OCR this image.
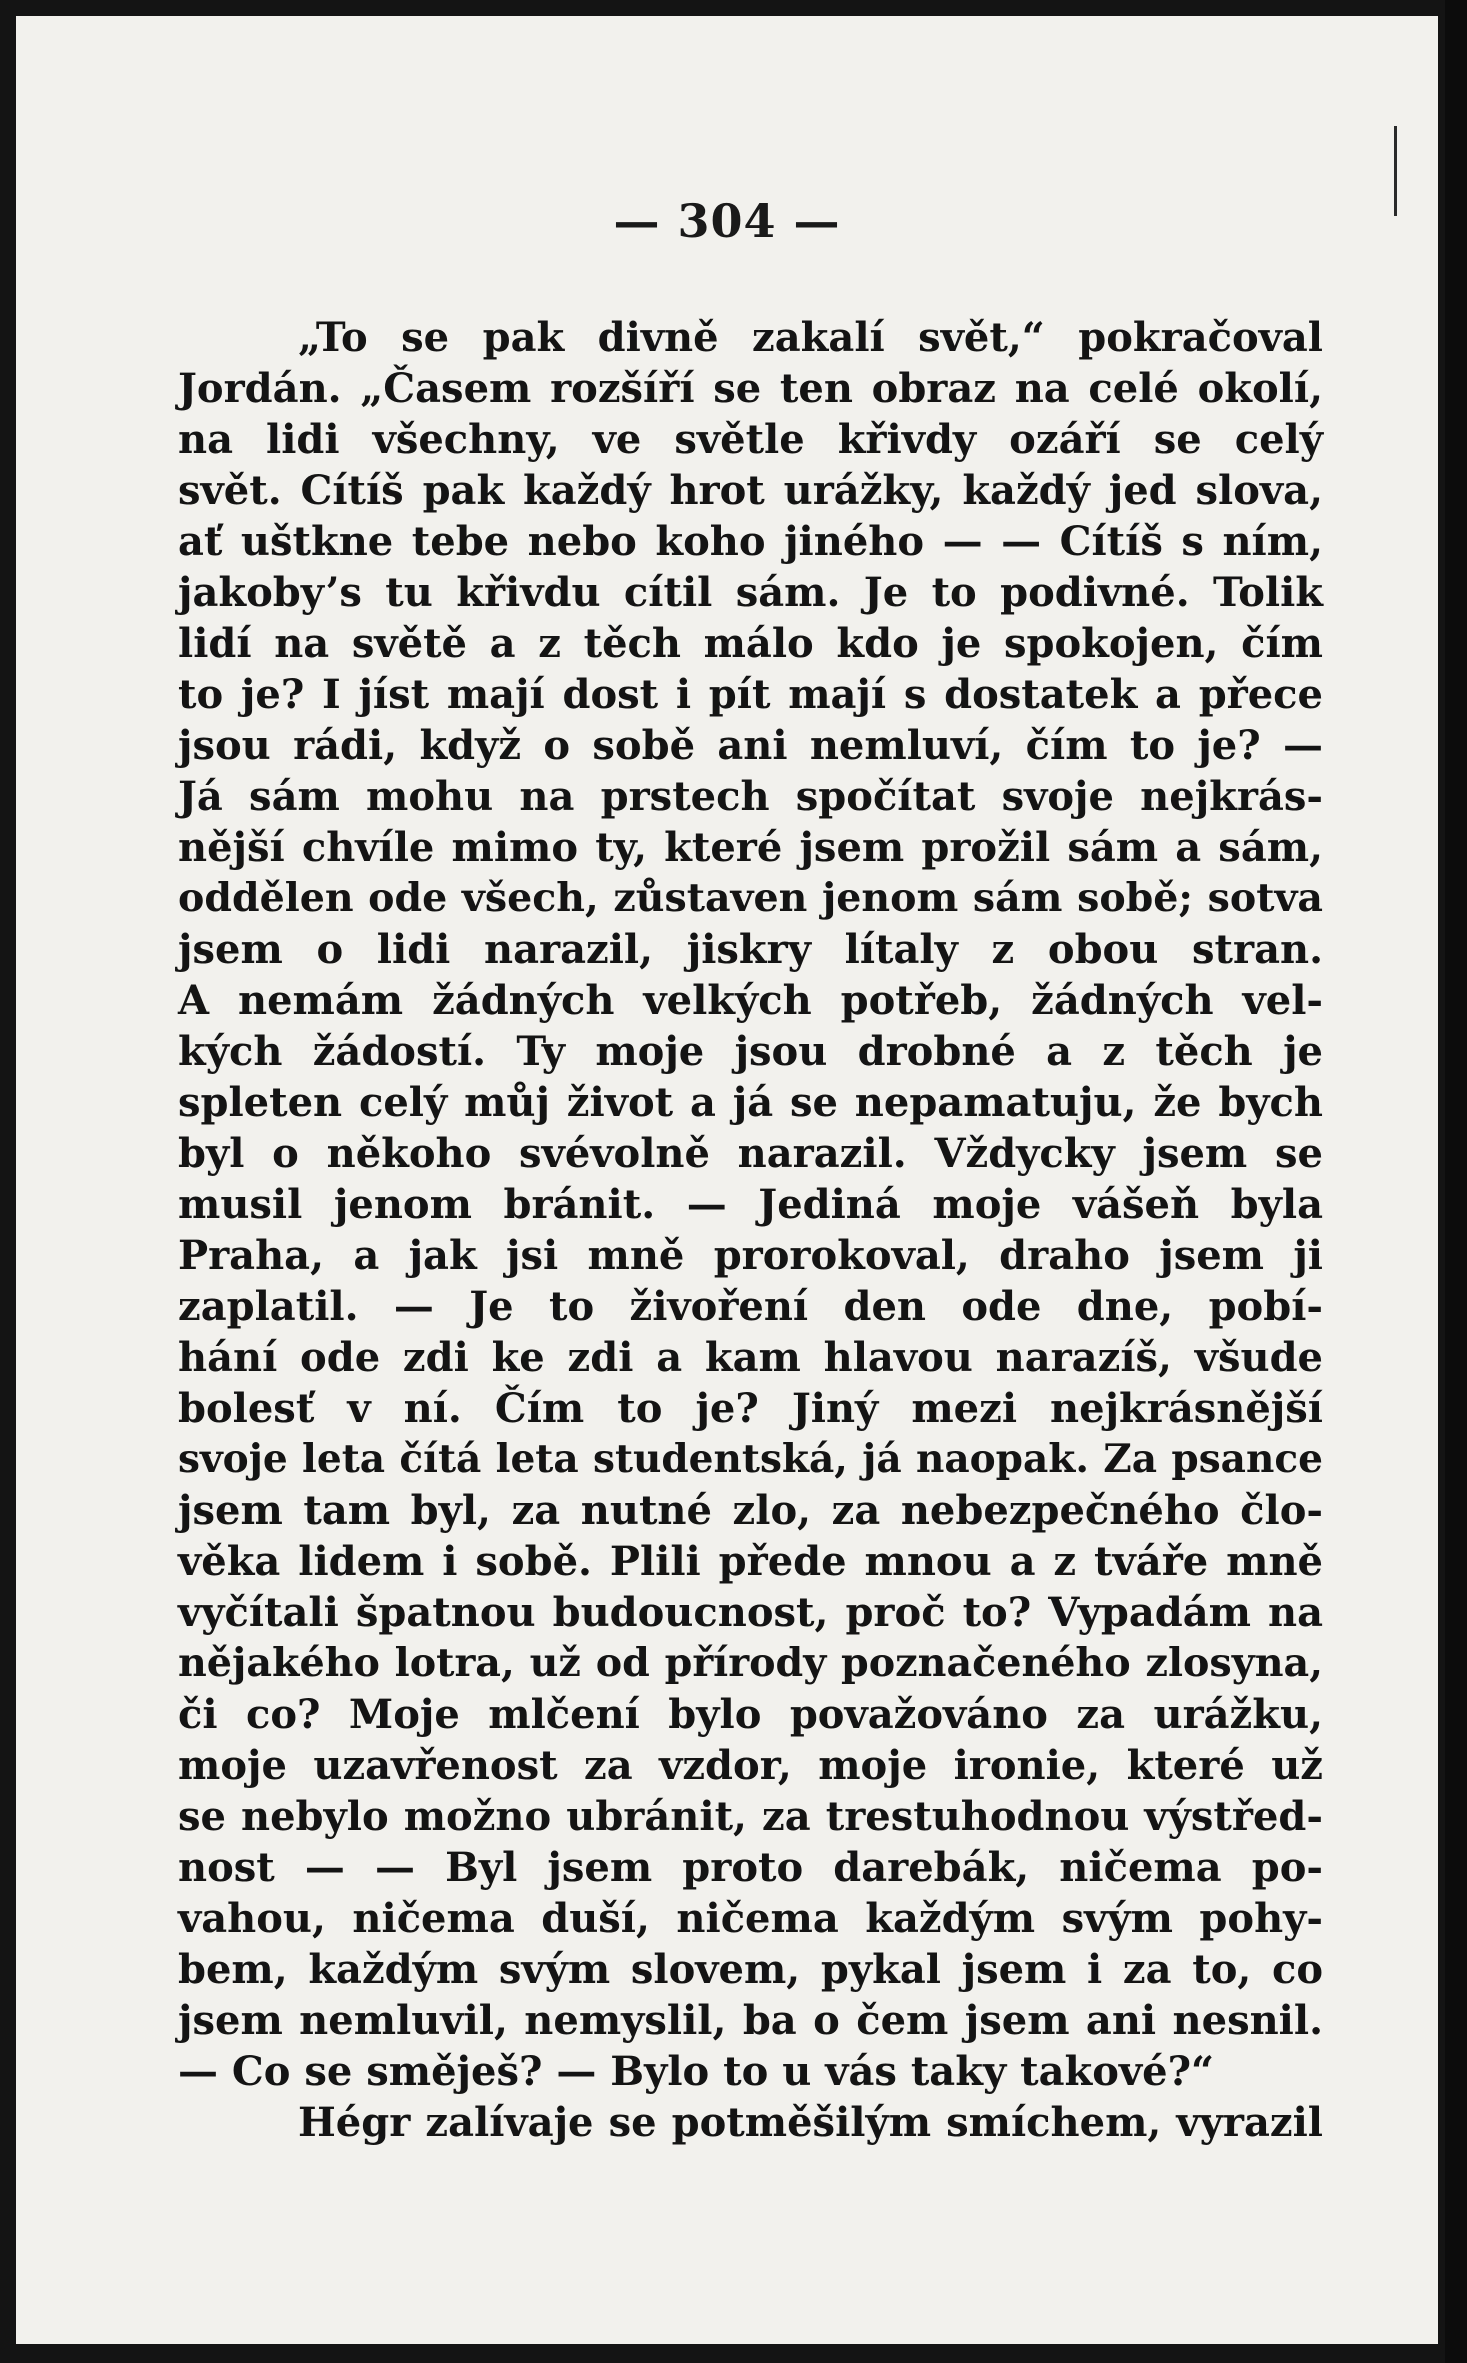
— 304 —
„To se pak divně zakalí svět,“ pokračoval
Jordán. „Časem rozšíří se ten obraz na celé okolí,
na lidi všechny, ve světle křivdy ozáří se celý
svět. Cítíš pak každý hrot urážky, každý jed slova,
ať uštkne tebe nebo koho jiného — — Cítíš s ním,
jakoby’s tu křivdu cítil sám. Je to podivné. Tolik
lidí na světě a z těch málo kdo je spokojen, čím
to je? I jíst mají dost i pít mají s dostatek a přece
jsou rádi, když o sobě ani nemluví, čím to je? —
Já sám mohu na prstech spočítat svoje nejkrás-
nější chvíle mimo ty, které jsem prožil sám a sám,
oddělen ode všech, zůstaven jenom sám sobě; sotva
jsem o lidi narazil, jiskry lítaly z obou stran.
A nemám žádných velkých potřeb, žádných vel-
kých žádostí. Ty moje jsou drobné a z těch je
spleten celý můj život a já se nepamatuju, že bych
byl o někoho svévolně narazil. Vždycky jsem se
musil jenom bránit. — Jediná moje vášeň byla
Praha, a jak jsi mně prorokoval, draho jsem ji
zaplatil. — Je to živoření den ode dne, pobí-
hání ode zdi ke zdi a kam hlavou narazíš, všude
bolesť v ní. Čím to je? Jiný mezi nejkrásnější
svoje leta čítá leta studentská, já naopak. Za psance
jsem tam byl, za nutné zlo, za nebezpečného člo-
věka lidem i sobě. Plili přede mnou a z tváře mně
vyčítali špatnou budoucnost, proč to? Vypadám na
nějakého lotra, už od přírody poznačeného zlosyna,
či co? Moje mlčení bylo považováno za urážku,
moje uzavřenost za vzdor, moje ironie, které už
se nebylo možno ubránit, za trestuhodnou výstřed-
nost — — Byl jsem proto darebák, ničema po-
vahou, ničema duší, ničema každým svým pohy-
bem, každým svým slovem, pykal jsem i za to, co
jsem nemluvil, nemyslil, ba o čem jsem ani nesnil.
— Co se směješ? — Bylo to u vás taky takové?“
Hégr zalívaje se potměšilým smíchem, vyrazil
